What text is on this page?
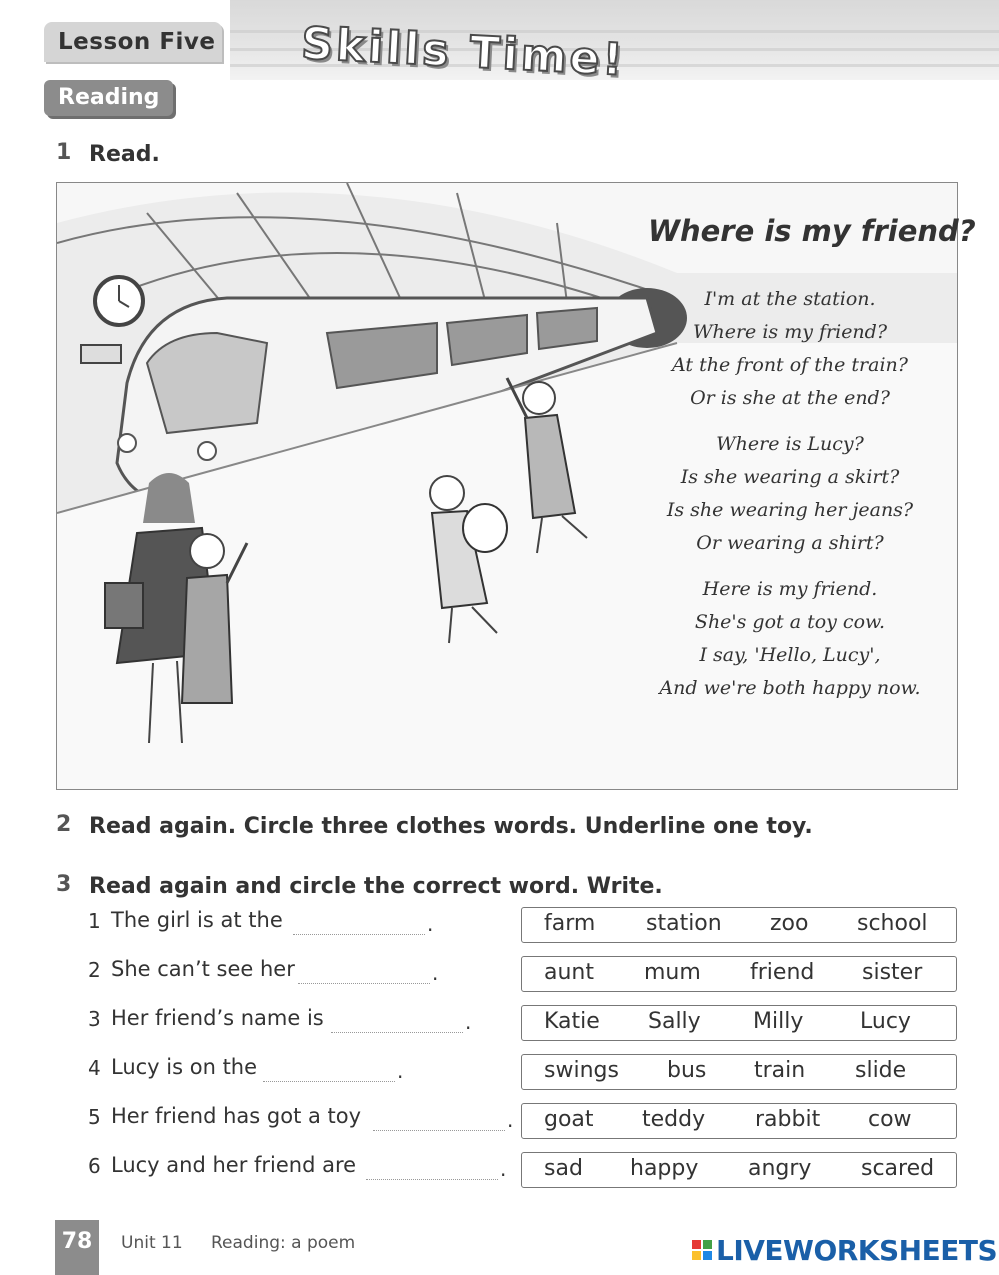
Lesson Five Skills Time!
Reading
1 Read.
Where is my friend?
I'm at the station.
Where is my friend?
At the front of the train?
Or is she at the end?
Where is Lucy?
Is she wearing a skirt?
Is she wearing her jeans?
Or wearing a shirt?
Here is my friend.
She's got a toy cow.
I say, 'Hello, Lucy',
And we're both happy now.
2 Read again. Circle three clothes words. Underline one toy.
3 Read again and circle the correct word. Write.
1 The girl is at the	.	farm station zoo school
2 She can’t see her	.	aunt mum friend sister
3 Her friend’s name is	.	Katie Sally Milly	Lucy
4 Lucy is on the	.	swings bus train slide
5 Her friend has got a toy	. goat teddy rabbit cow
6 Lucy and her friend are	. sad happy angry scared
78	Unit 11 Reading: a poem	LIVEWORKSHEETS
